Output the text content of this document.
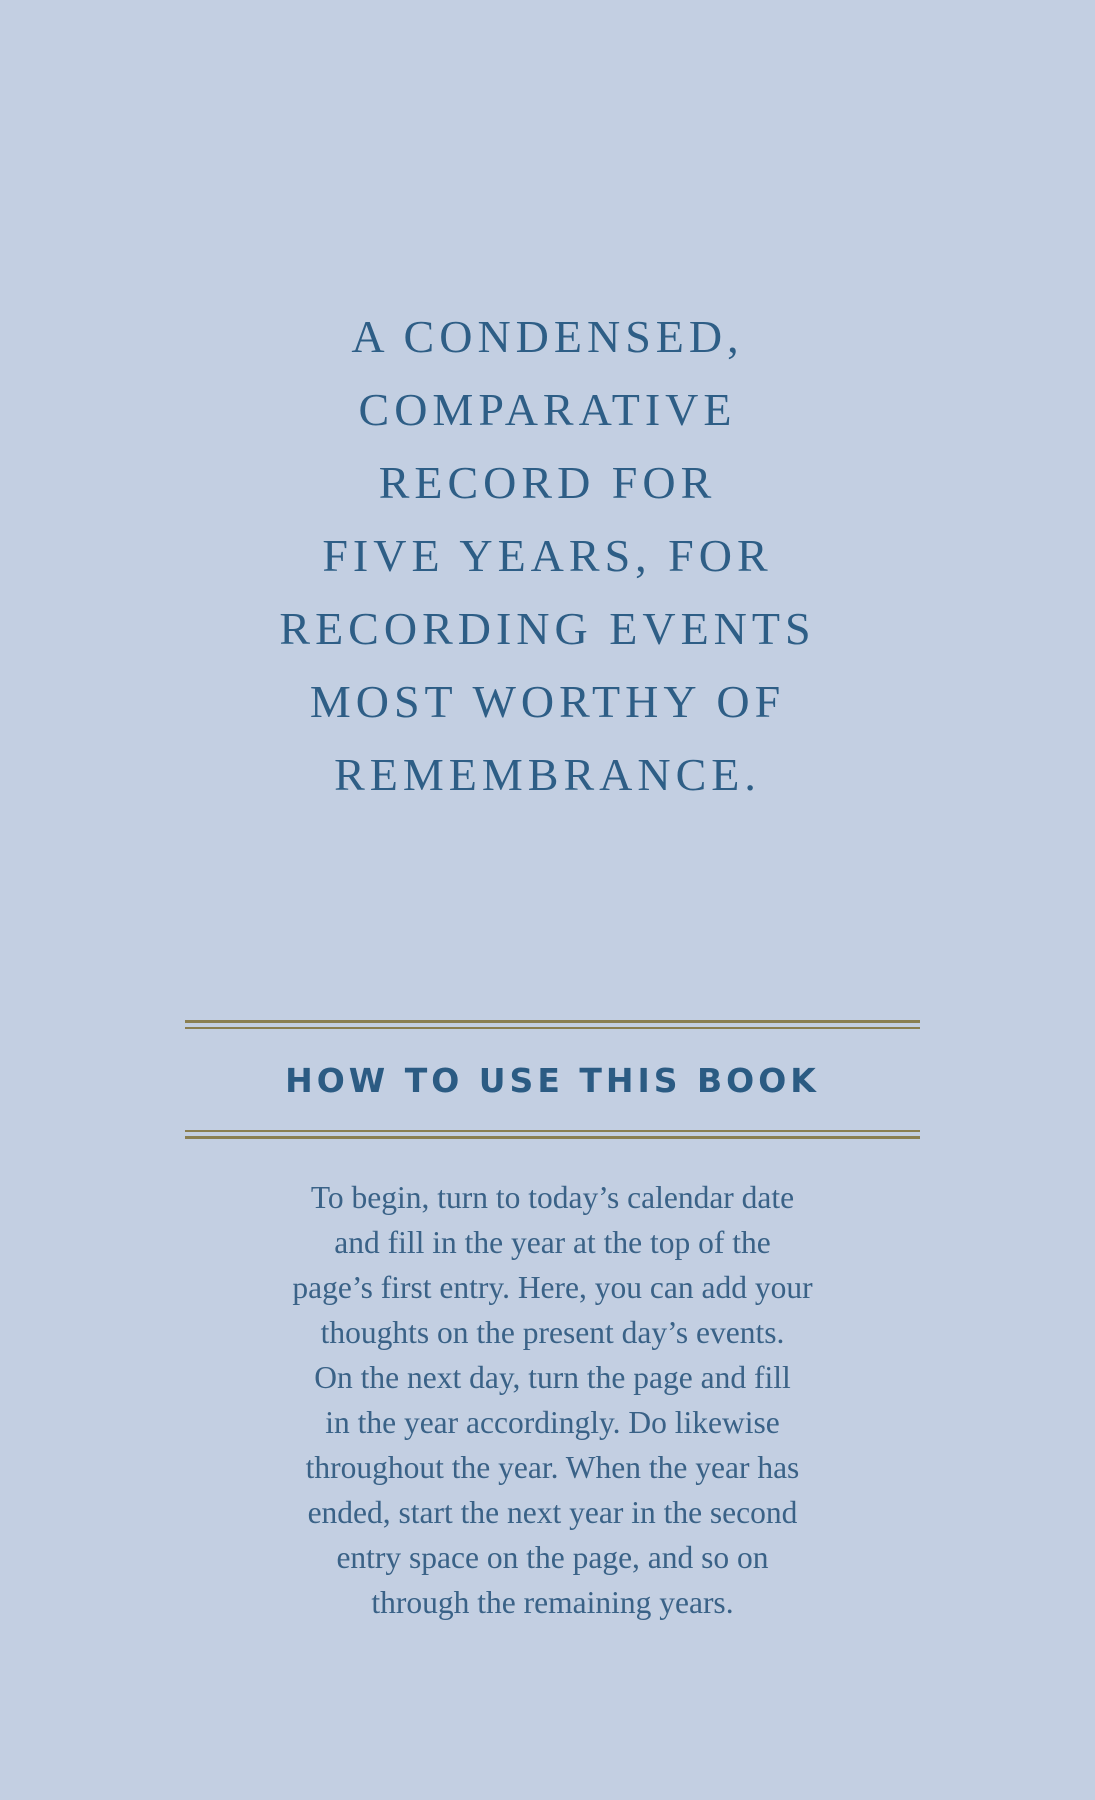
A CONDENSED,
COMPARATIVE
RECORD FOR
FIVE YEARS, FOR
RECORDING EVENTS
MOST WORTHY OF
REMEMBRANCE.
HOW TO USE THIS BOOK
To begin, turn to today’s calendar date
and fill in the year at the top of the
page’s first entry. Here, you can add your
thoughts on the present day’s events.
On the next day, turn the page and fill
in the year accordingly. Do likewise
throughout the year. When the year has
ended, start the next year in the second
entry space on the page, and so on
through the remaining years.
